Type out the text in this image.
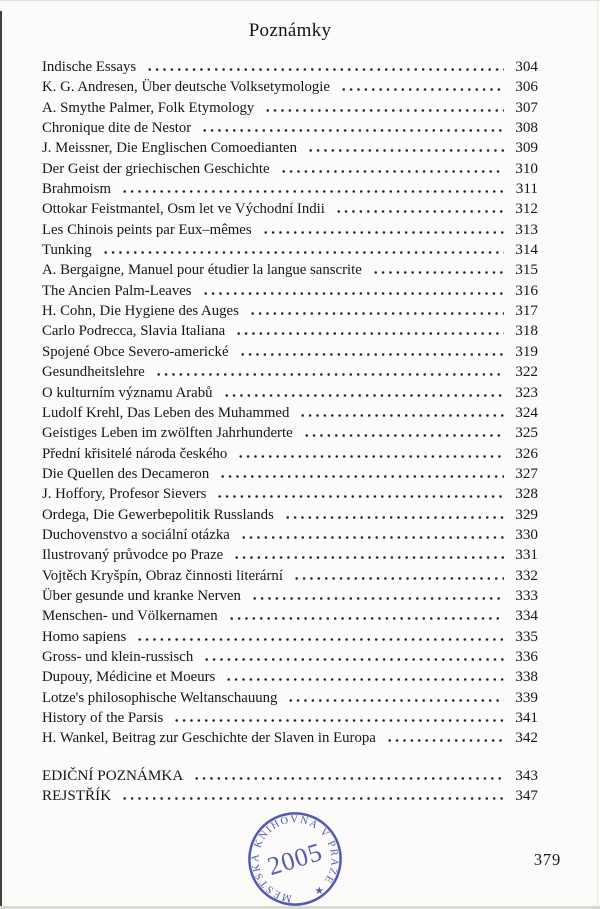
Poznámky
Indische Essays	304
K. G. Andresen, Über deutsche Volksetymologie	306
A. Smythe Palmer, Folk Etymology	307
Chronique dite de Nestor	308
J. Meissner, Die Englischen Comoedianten	309
Der Geist der griechischen Geschichte	310
Brahmoism	311
Ottokar Feistmantel, Osm let ve Východní Indii	312
Les Chinois peints par Eux–mêmes	313
Tunking	314
A. Bergaigne, Manuel pour étudier la langue sanscrite	315
The Ancien Palm-Leaves	316
H. Cohn, Die Hygiene des Auges	317
Carlo Podrecca, Slavia Italiana	318
Spojené Obce Severo-americké	319
Gesundheitslehre	322
O kulturním významu Arabů	323
Ludolf Krehl, Das Leben des Muhammed	324
Geistiges Leben im zwölften Jahrhunderte	325
Přední křisitelé národa českého	326
Die Quellen des Decameron	327
J. Hoffory, Profesor Sievers	328
Ordega, Die Gewerbepolitik Russlands	329
Duchovenstvo a sociální otázka	330
Ilustrovaný průvodce po Praze	331
Vojtěch Kryšpín, Obraz činnosti literární	332
Über gesunde und kranke Nerven	333
Menschen- und Völkernamen	334
Homo sapiens	335
Gross- und klein-russisch	336
Dupouy, Médicine et Moeurs	338
Lotze's philosophische Weltanschauung	339
History of the Parsis	341
H. Wankel, Beitrag zur Geschichte der Slaven in Europa	342
EDIČNÍ POZNÁMKA	343
REJSTŘÍK	347
MĚSTSKÁ KNIHOVNA V PRAZE ★
2005	379
